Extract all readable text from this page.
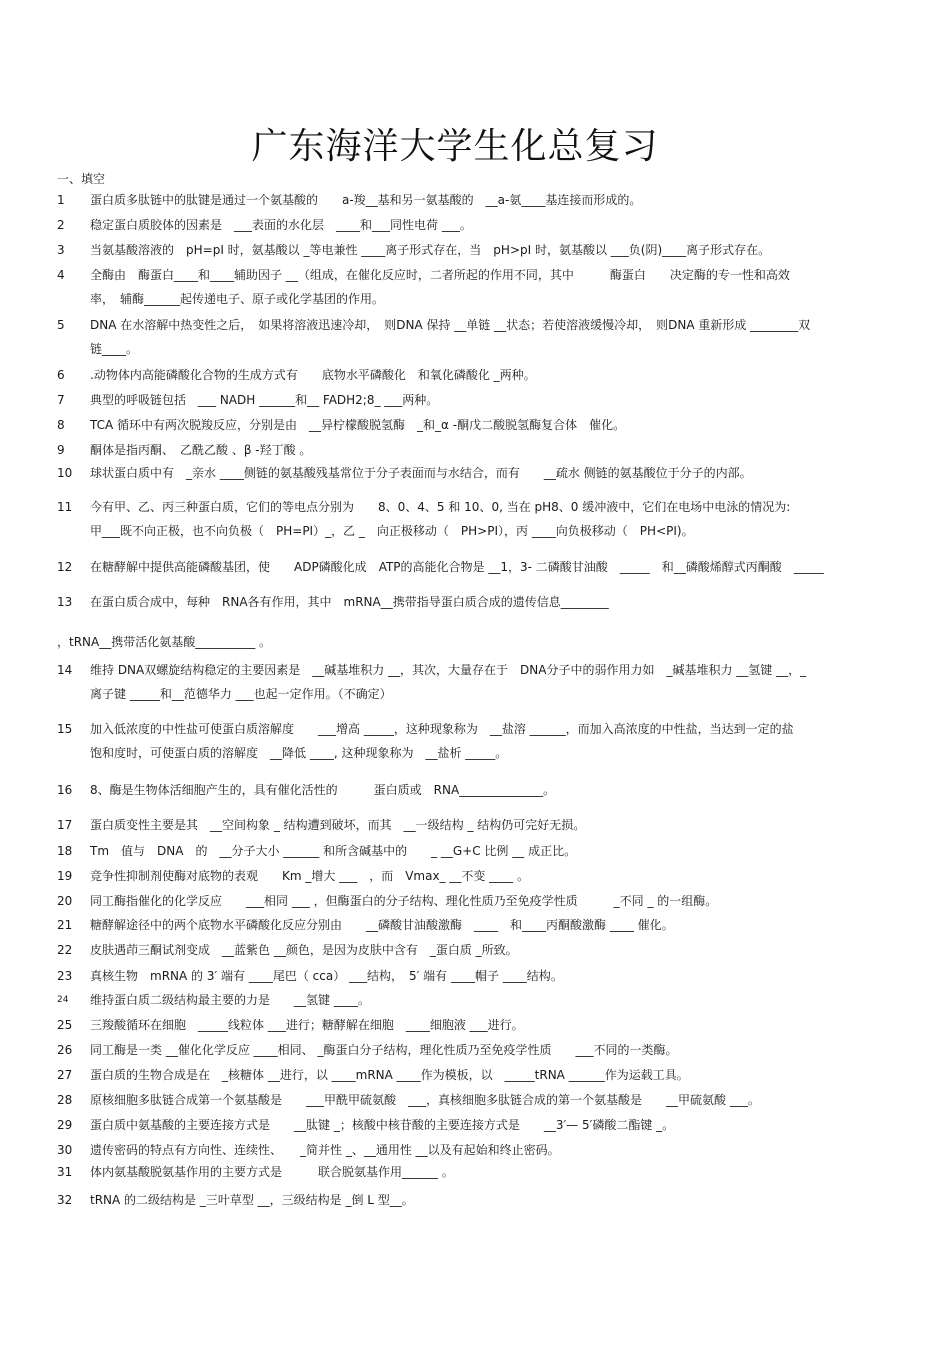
广东海洋大学生化总复习
一、填空
1	蛋白质多肽链中的肽键是通过一个氨基酸的　　a-羧__基和另一氨基酸的　__a-氨____基连接而形成的。
2	稳定蛋白质胶体的因素是　___表面的水化层　____和___同性电荷 ___。
3	当氨基酸溶液的　pH=pI 时，氨基酸以 _等电兼性 ____离子形式存在，当　pH>pI 时，氨基酸以 ___负(阴)____离子形式存在。
4	全酶由　酶蛋白____和____辅助因子 __（组成，在催化反应时，二者所起的作用不同，其中　　　酶蛋白　　决定酶的专一性和高效
率，　辅酶______起传递电子、原子或化学基团的作用。
5	DNA 在水溶解中热变性之后，　如果将溶液迅速冷却，　则DNA 保持 __单链 __状态；若使溶液缓慢冷却，　则DNA 重新形成 ________双
链____。
6	.动物体内高能磷酸化合物的生成方式有　　底物水平磷酸化　和氧化磷酸化 _两种。
7	典型的呼吸链包括　___ NADH ______和__ FADH2;8_ ___两种。
8	TCA 循环中有两次脱羧反应，分别是由　__异柠檬酸脱氢酶　_和_α -酮戊二酸脱氢酶复合体　催化。
9	酮体是指丙酮、　乙酰乙酸 、β -羟丁酸 。
10	球状蛋白质中有　_亲水 ____侧链的氨基酸残基常位于分子表面而与水结合，而有　　__疏水 侧链的氨基酸位于分子的内部。
11	今有甲、乙、丙三种蛋白质，它们的等电点分别为　　8、0、4、5 和 10、0, 当在 pH8、0 缓冲液中，它们在电场中电泳的情况为:
甲___既不向正极，也不向负极（　PH=PI）_，乙 _　向正极移动（　PH>PI），丙 ____向负极移动（　PH<PI)。
12	在糖酵解中提供高能磷酸基团，使　　ADP磷酸化成　ATP的高能化合物是 __1，3- 二磷酸甘油酸　_____　和__磷酸烯醇式丙酮酸　_____
13	在蛋白质合成中，每种　RNA各有作用，其中　mRNA__携带指导蛋白质合成的遗传信息________
14	维持 DNA双螺旋结构稳定的主要因素是　__碱基堆积力 __，其次，大量存在于　DNA分子中的弱作用力如　_碱基堆积力 __氢键 __，_
离子键 _____和__范德华力 ___也起一定作用。（不确定）
15	加入低浓度的中性盐可使蛋白质溶解度　　___增高 _____，这种现象称为　__盐溶 ______，而加入高浓度的中性盐，当达到一定的盐
饱和度时，可使蛋白质的溶解度　__降低 ____, 这种现象称为　__盐析 _____。
16	8、酶是生物体活细胞产生的，具有催化活性的　　　蛋白质或　RNA______________。
17	蛋白质变性主要是其　__空间构象 _ 结构遭到破坏，而其　__一级结构 _ 结构仍可完好无损。
18	Tm　值与　DNA　的　__分子大小 ______ 和所含碱基中的　　_ __G+C 比例 __ 成正比。
19	竞争性抑制剂使酶对底物的表观　　Km _增大 ___　，而　Vmax_ __不变 ____ 。
20	同工酶指催化的化学反应　　___相同 ___ ，但酶蛋白的分子结构、理化性质乃至免疫学性质　　　_不同 _ 的一组酶。
21	糖酵解途径中的两个底物水平磷酸化反应分别由　　__磷酸甘油酸激酶　____　和____丙酮酸激酶 ____ 催化。
22	皮肤遇茚三酮试剂变成　__蓝紫色 __颜色，是因为皮肤中含有　_蛋白质 _所致。
23	真核生物　mRNA 的 3′ 端有 ____尾巴（ cca） ___结构，　5′ 端有 ____帽子 ____结构。
24	维持蛋白质二级结构最主要的力是　　__氢键 ____。
25	三羧酸循环在细胞　_____线粒体 ___进行；糖酵解在细胞　____细胞液 ___进行。
26	同工酶是一类 __催化化学反应 ____相同、 _酶蛋白分子结构，理化性质乃至免疫学性质　　___不同的一类酶。
27	蛋白质的生物合成是在　_核糖体 __进行，以 ____mRNA ____作为模板，以　_____tRNA ______作为运载工具。
28	原核细胞多肽链合成第一个氨基酸是　　___甲酰甲硫氨酸　___，真核细胞多肽链合成的第一个氨基酸是　　__甲硫氨酸 ___。
29	蛋白质中氨基酸的主要连接方式是　　__肽键 _；核酸中核苷酸的主要连接方式是　　__3′— 5′磷酸二酯键 _。
30	遗传密码的特点有方向性、连续性、　　_简并性 _、__通用性 __以及有起始和终止密码。
31	体内氨基酸脱氨基作用的主要方式是　　　联合脱氨基作用______ 。
32	tRNA 的二级结构是 _三叶草型 __，三级结构是 _倒 L 型__。
，tRNA__携带活化氨基酸__________ 。
